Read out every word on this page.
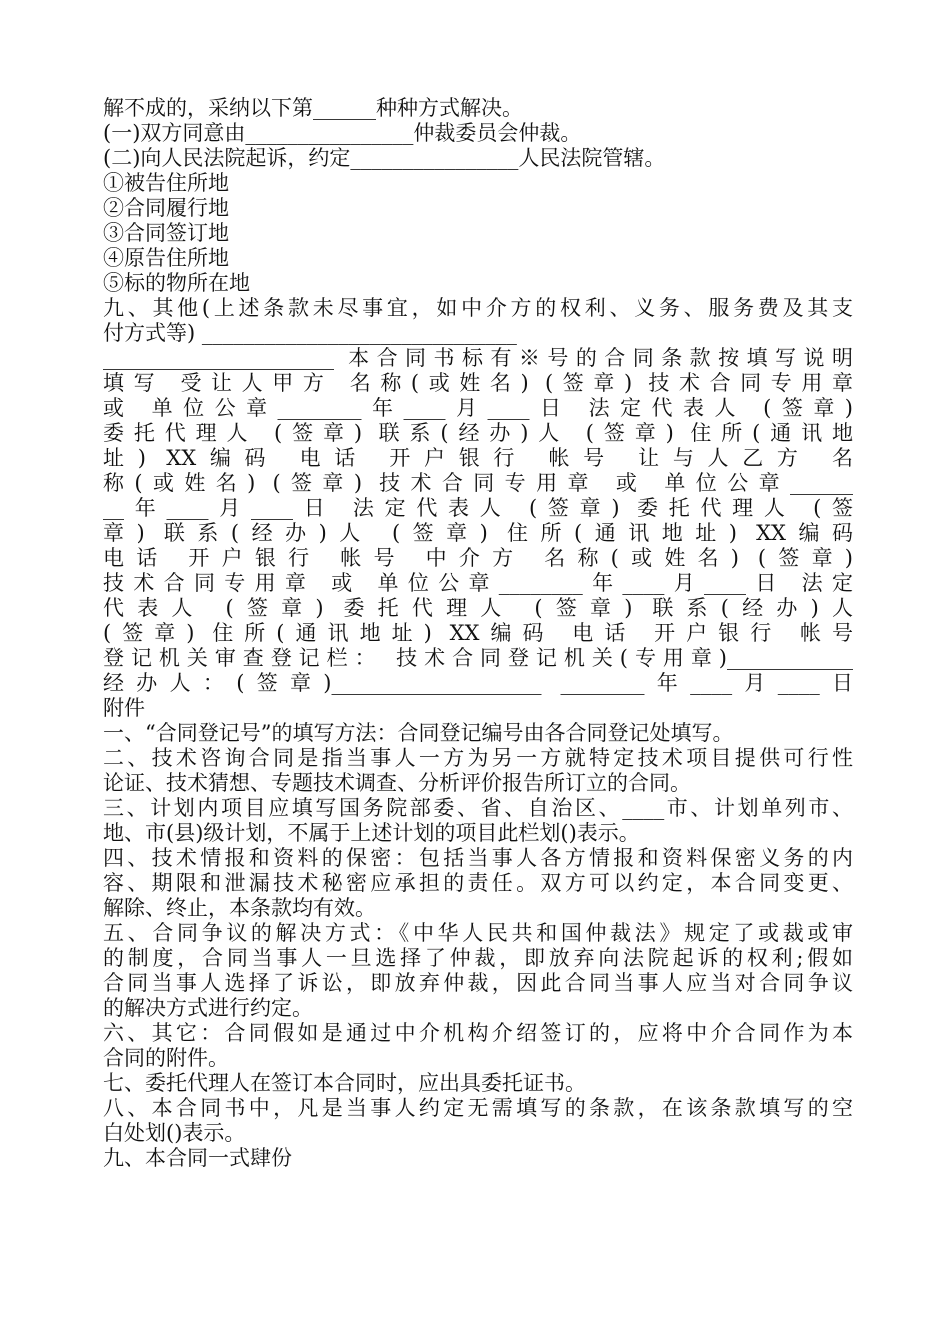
解不成的，采纳以下第______种种方式解决。
(一)双方同意由________________仲裁委员会仲裁。
(二)向人民法院起诉，约定________________人民法院管辖。
①被告住所地
②合同履行地
③合同签订地
④原告住所地
⑤标的物所在地
九、其他(上述条款未尽事宜，如中介方的权利、义务、服务费及其支
付方式等) ______________________________
______________________ 本合同书标有※号的合同条款按填写说明
填写 受让人甲方 名称(或姓名) (签章) 技术合同专用章
或 单位公章________年____月____日 法定代表人 (签章)
委托代理人 (签章) 联系(经办)人 (签章) 住所(通讯地
址) XX编码 电话 开户银行 帐号 让与人乙方 名
称(或姓名) (签章) 技术合同专用章 或 单位公章______
__年____月____日 法定代表人 (签章) 委托代理人 (签
章) 联系(经办)人 (签章) 住所(通讯地址) XX编码
电话 开户银行 帐号 中介方 名称(或姓名) (签章)
技术合同专用章 或 单位公章________年____月____日 法定
代表人 (签章) 委托代理人 (签章) 联系(经办)人
(签章) 住所(通讯地址) XX编码 电话 开户银行 帐号
登记机关审查登记栏： 技术合同登记机关(专用章)____________
经办人：(签章)____________________ ________年____月____日
附件
一、“合同登记号”的填写方法：合同登记编号由各合同登记处填写。
二、技术咨询合同是指当事人一方为另一方就特定技术项目提供可行性
论证、技术猜想、专题技术调查、分析评价报告所订立的合同。
三、计划内项目应填写国务院部委、省、自治区、____市、计划单列市、
地、市(县)级计划，不属于上述计划的项目此栏划()表示。
四、技术情报和资料的保密：包括当事人各方情报和资料保密义务的内
容、期限和泄漏技术秘密应承担的责任。双方可以约定，本合同变更、
解除、终止，本条款均有效。
五、合同争议的解决方式：《中华人民共和国仲裁法》规定了或裁或审
的制度，合同当事人一旦选择了仲裁，即放弃向法院起诉的权利;假如
合同当事人选择了诉讼，即放弃仲裁，因此合同当事人应当对合同争议
的解决方式进行约定。
六、其它：合同假如是通过中介机构介绍签订的，应将中介合同作为本
合同的附件。
七、委托代理人在签订本合同时，应出具委托证书。
八、本合同书中，凡是当事人约定无需填写的条款，在该条款填写的空
白处划()表示。
九、本合同一式肆份
